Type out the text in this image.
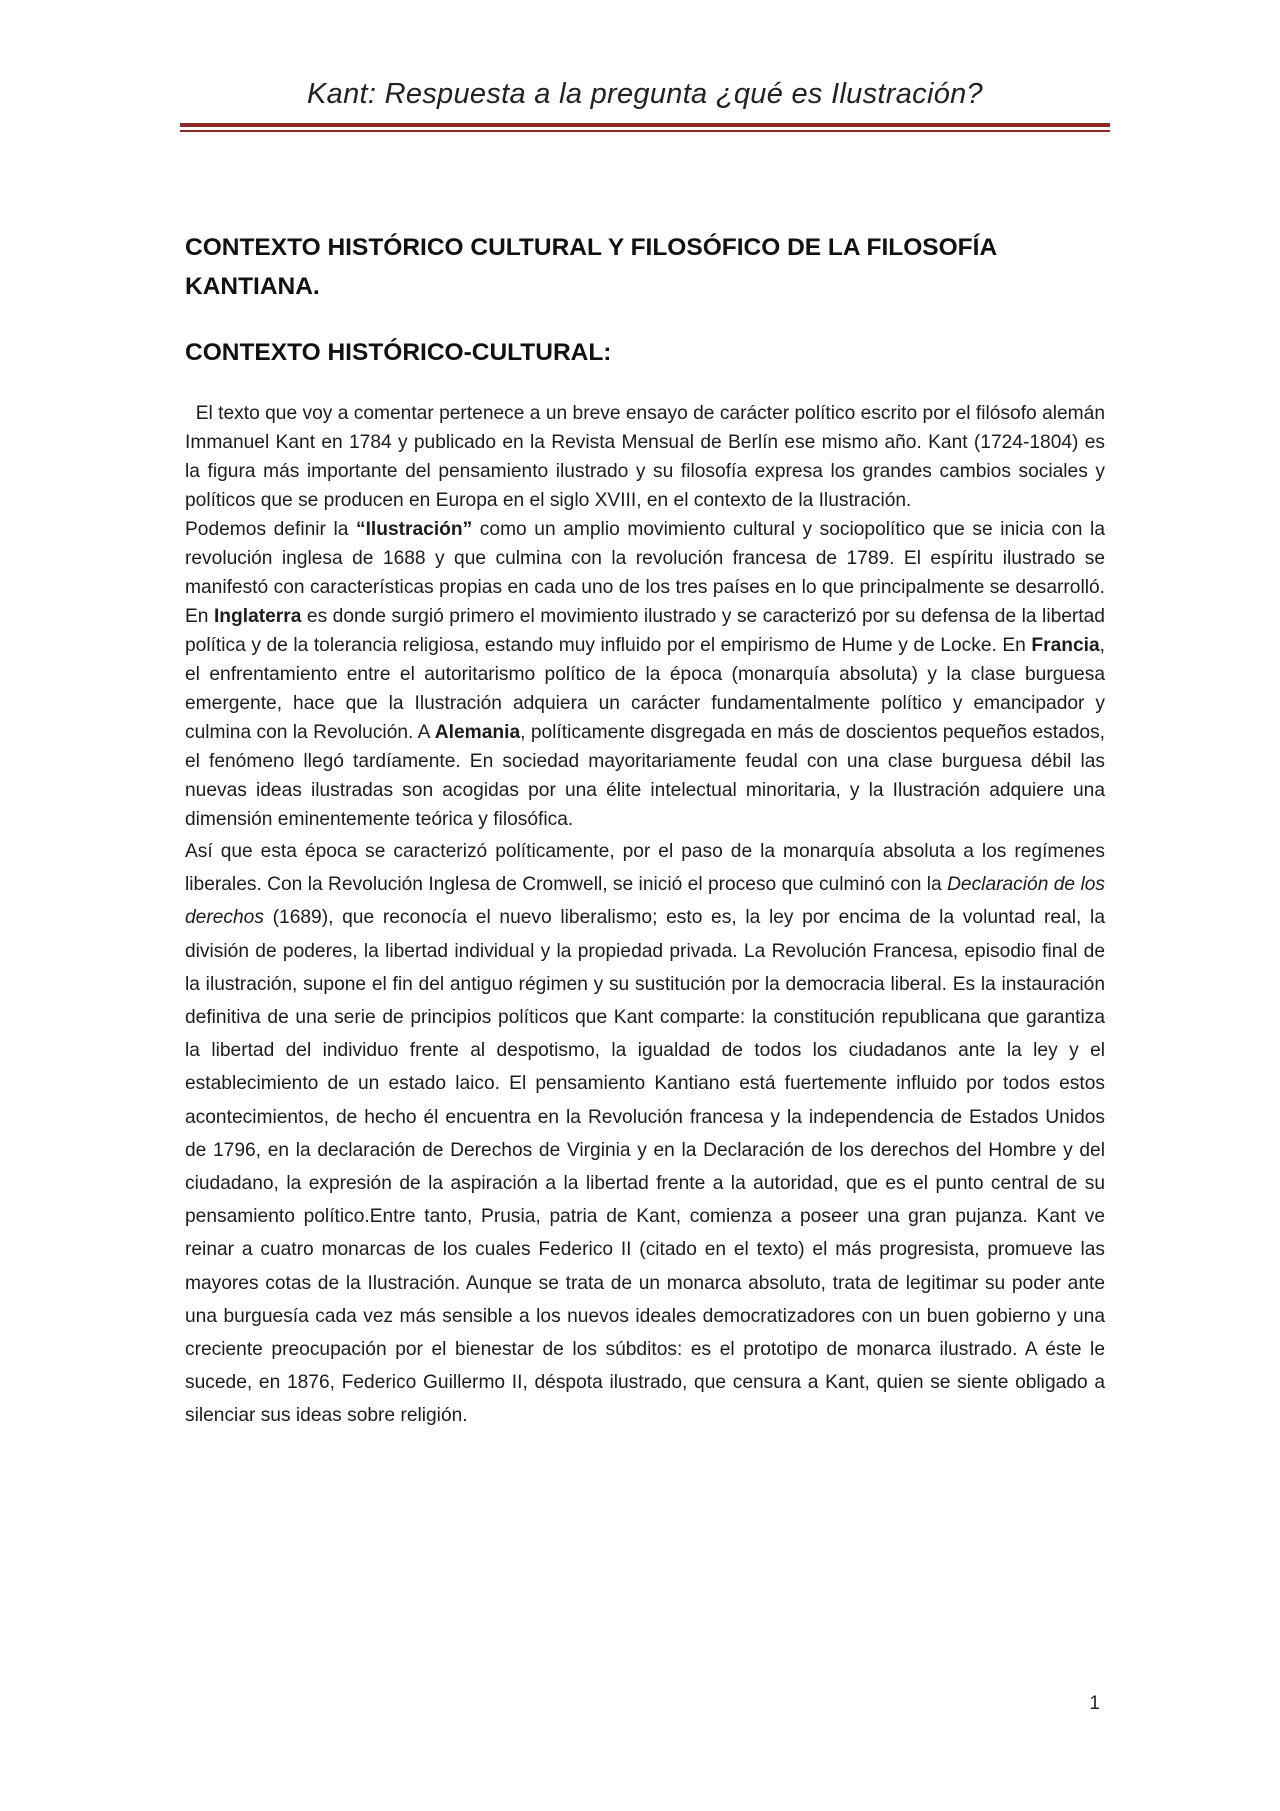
Kant: Respuesta a la pregunta ¿qué es Ilustración?
CONTEXTO HISTÓRICO CULTURAL Y FILOSÓFICO DE LA FILOSOFÍA KANTIANA.
CONTEXTO HISTÓRICO-CULTURAL:

El texto que voy a comentar pertenece a un breve ensayo de carácter político escrito por el filósofo alemán Immanuel Kant en 1784 y publicado en la Revista Mensual de Berlín ese mismo año. Kant (1724-1804) es la figura más importante del pensamiento ilustrado y su filosofía expresa los grandes cambios sociales y políticos que se producen en Europa en el siglo XVIII, en el contexto de la Ilustración.

Podemos definir la “Ilustración” como un amplio movimiento cultural y sociopolítico que se inicia con la revolución inglesa de 1688 y que culmina con la revolución francesa de 1789. El espíritu ilustrado se manifestó con características propias en cada uno de los tres países en lo que principalmente se desarrolló. En Inglaterra es donde surgió primero el movimiento ilustrado y se caracterizó por su defensa de la libertad política y de la tolerancia religiosa, estando muy influido por el empirismo de Hume y de Locke. En Francia, el enfrentamiento entre el autoritarismo político de la época (monarquía absoluta) y la clase burguesa emergente, hace que la Ilustración adquiera un carácter fundamentalmente político y emancipador y culmina con la Revolución. A Alemania, políticamente disgregada en más de doscientos pequeños estados, el fenómeno llegó tardíamente. En sociedad mayoritariamente feudal con una clase burguesa débil las nuevas ideas ilustradas son acogidas por una élite intelectual minoritaria, y la Ilustración adquiere una dimensión eminentemente teórica y filosófica.

Así que esta época se caracterizó políticamente, por el paso de la monarquía absoluta a los regímenes liberales. Con la Revolución Inglesa de Cromwell, se inició el proceso que culminó con la Declaración de los derechos (1689), que reconocía el nuevo liberalismo; esto es, la ley por encima de la voluntad real, la división de poderes, la libertad individual y la propiedad privada. La Revolución Francesa, episodio final de la ilustración, supone el fin del antiguo régimen y su sustitución por la democracia liberal. Es la instauración definitiva de una serie de principios políticos que Kant comparte: la constitución republicana que garantiza la libertad del individuo frente al despotismo, la igualdad de todos los ciudadanos ante la ley y el establecimiento de un estado laico. El pensamiento Kantiano está fuertemente influido por todos estos acontecimientos, de hecho él encuentra en la Revolución francesa y la independencia de Estados Unidos de 1796, en la declaración de Derechos de Virginia y en la Declaración de los derechos del Hombre y del ciudadano, la expresión de la aspiración a la libertad frente a la autoridad, que es el punto central de su pensamiento político.Entre tanto, Prusia, patria de Kant, comienza a poseer una gran pujanza. Kant ve reinar a cuatro monarcas de los cuales Federico II (citado en el texto) el más progresista, promueve las mayores cotas de la Ilustración. Aunque se trata de un monarca absoluto, trata de legitimar su poder ante una burguesía cada vez más sensible a los nuevos ideales democratizadores con un buen gobierno y una creciente preocupación por el bienestar de los súbditos: es el prototipo de monarca ilustrado. A éste le sucede, en 1876, Federico Guillermo II, déspota ilustrado, que censura a Kant, quien se siente obligado a silenciar sus ideas sobre religión.

1
